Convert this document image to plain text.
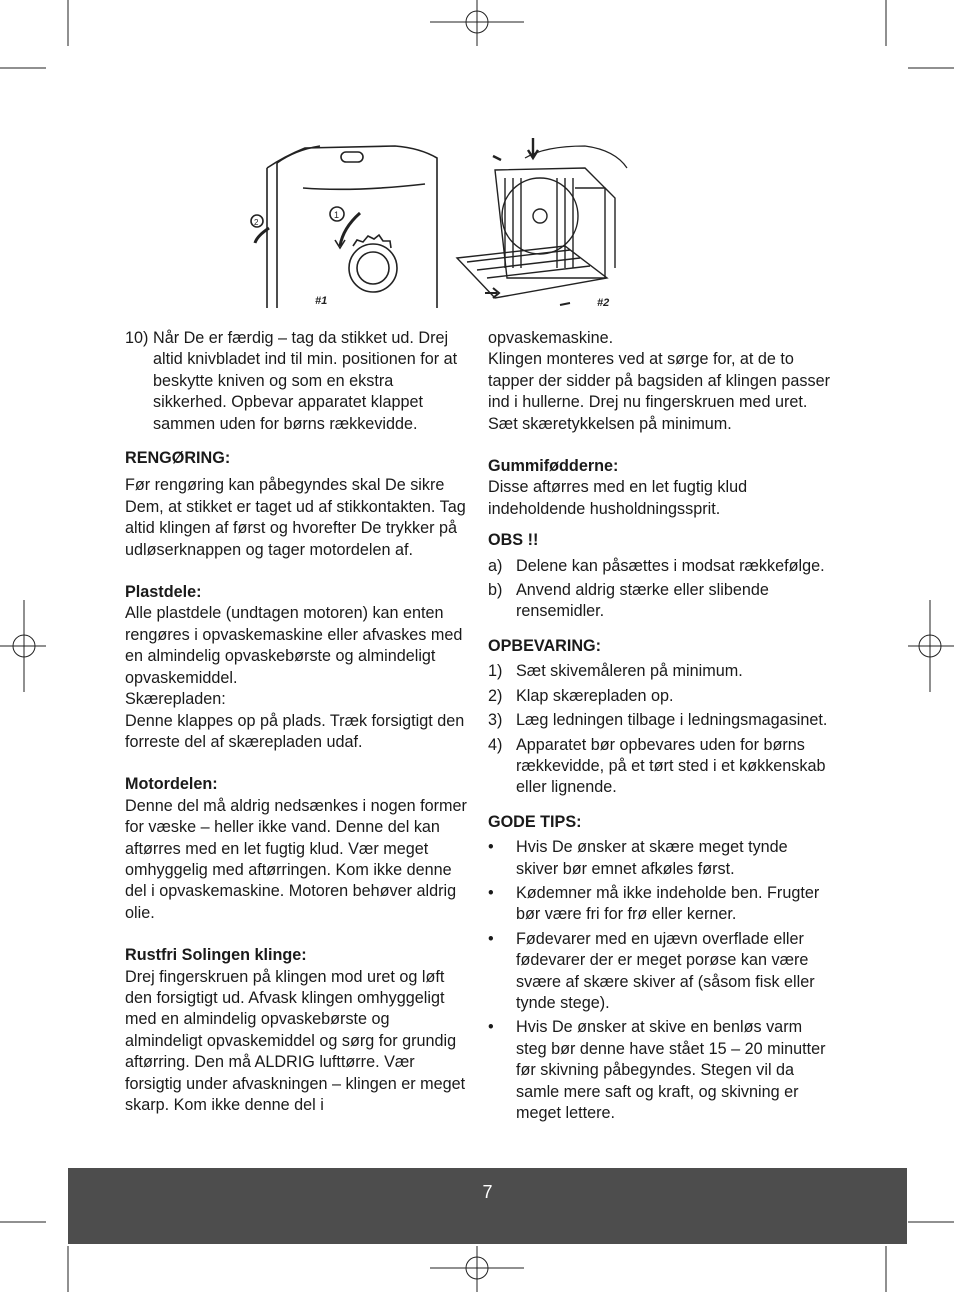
#1
1
2
#2
10) Når De er færdig – tag da stikket ud. Drej altid knivbladet ind til min. positionen for at beskytte kniven og som en ekstra sikkerhed. Opbevar apparatet klappet sammen uden for børns rækkevidde.

RENGØRING:

Før rengøring kan påbegyndes skal De sikre Dem, at stikket er taget ud af stikkontakten. Tag altid klingen af først og hvorefter De trykker på udløserknappen og tager motordelen af.

Plastdele:

Alle plastdele (undtagen motoren) kan enten rengøres i opvaskemaskine eller afvaskes med en almindelig opvaskebørste og almindeligt opvaskemiddel.

Skærepladen:

Denne klappes op på plads. Træk forsigtigt den forreste del af skærepladen udaf.

Motordelen:

Denne del må aldrig nedsænkes i nogen former for væske – heller ikke vand. Denne del kan aftørres med en let fugtig klud. Vær meget omhyggelig med aftørringen. Kom ikke denne del i opvaskemaskine. Motoren behøver aldrig olie.

Rustfri Solingen klinge:

Drej fingerskruen på klingen mod uret og løft den forsigtigt ud. Afvask klingen omhyggeligt med en almindelig opvaskebørste og almindeligt opvaskemiddel og sørg for grundig aftørring. Den må ALDRIG lufttørre. Vær forsigtig under afvaskningen – klingen er meget skarp. Kom ikke denne del i

opvaskemaskine.

Klingen monteres ved at sørge for, at de to tapper der sidder på bagsiden af klingen passer ind i hullerne. Drej nu fingerskruen med uret. Sæt skæretykkelsen på minimum.

Gummifødderne:

Disse aftørres med en let fugtig klud indeholdende husholdningssprit.

OBS !!

a) Delene kan påsættes i modsat rækkefølge.
b) Anvend aldrig stærke eller slibende rensemidler.

OPBEVARING:

1) Sæt skivemåleren på minimum.
2) Klap skærepladen op.
3) Læg ledningen tilbage i ledningsmagasinet.
4) Apparatet bør opbevares uden for børns rækkevidde, på et tørt sted i et køkkenskab eller lignende.

GODE TIPS:

•	Hvis De ønsker at skære meget tynde skiver bør emnet afkøles først.
•	Kødemner må ikke indeholde ben. Frugter bør være fri for frø eller kerner.
•	Fødevarer med en ujævn overflade eller fødevarer der er meget porøse kan være svære af skære skiver af (såsom fisk eller tynde stege).
•	Hvis De ønsker at skive en benløs varm steg bør denne have stået 15 – 20 minutter før skivning påbegyndes. Stegen vil da samle mere saft og kraft, og skivning er meget lettere.
7
